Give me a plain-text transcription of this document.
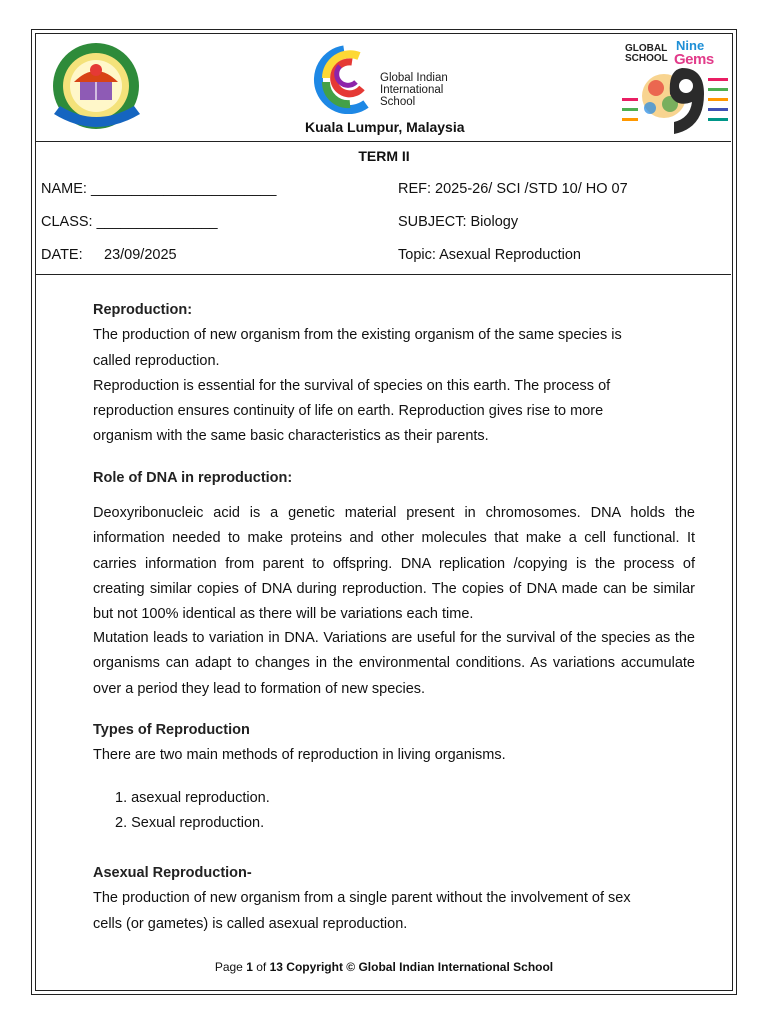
Global Indian
International
School
Kuala Lumpur, Malaysia
GLOBAL
SCHOOL
Nine
Gems
TERM II
NAME: _______________________	REF: 2025-26/ SCI /STD 10/ HO 07
CLASS: _______________	SUBJECT: Biology
DATE: 23/09/2025	Topic: Asexual Reproduction
Reproduction:
The production of new organism from the existing organism of the same species is
called reproduction.
Reproduction is essential for the survival of species on this earth. The process of
reproduction ensures continuity of life on earth. Reproduction gives rise to more
organism with the same basic characteristics as their parents.
Role of DNA in reproduction:
Deoxyribonucleic acid is a genetic material present in chromosomes. DNA holds the information needed to make proteins and other molecules that make a cell functional. It carries information from parent to offspring. DNA replication /copying is the process of creating similar copies of DNA during reproduction. The copies of DNA made can be similar but not 100% identical as there will be variations each time.
Mutation leads to variation in DNA. Variations are useful for the survival of the species as the organisms can adapt to changes in the environmental conditions. As variations accumulate over a period they lead to formation of new species.
Types of Reproduction
There are two main methods of reproduction in living organisms.
1. asexual reproduction.
2. Sexual reproduction.
Asexual Reproduction-
The production of new organism from a single parent without the involvement of sex
cells (or gametes) is called asexual reproduction.
Page 1 of 13 Copyright © Global Indian International School
